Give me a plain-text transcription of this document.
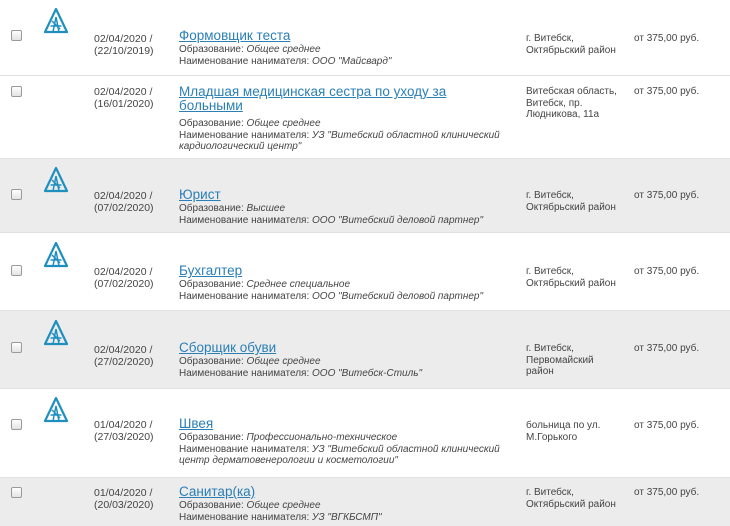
02/04/2020 /
(22/10/2019)
Формовщик теста
Образование: Общее среднее
Наименование нанимателя: ООО "Майсвард"
г. Витебск, Октябрьский район
от 375,00 руб.
02/04/2020 /
(16/01/2020)
Младшая медицинская сестра по уходу за больными
Образование: Общее среднее
Наименование нанимателя: УЗ "Витебский областной клинический
кардиологический центр"
Витебская область, Витебск, пр. Людникова, 11а
от 375,00 руб.
02/04/2020 /
(07/02/2020)
Юрист
Образование: Высшее
Наименование нанимателя: ООО "Витебский деловой партнер"
г. Витебск, Октябрьский район
от 375,00 руб.
02/04/2020 /
(07/02/2020)
Бухгалтер
Образование: Среднее специальное
Наименование нанимателя: ООО "Витебский деловой партнер"
г. Витебск, Октябрьский район
от 375,00 руб.
02/04/2020 /
(27/02/2020)
Сборщик обуви
Образование: Общее среднее
Наименование нанимателя: ООО "Витебск-Стиль"
г. Витебск, Первомайский район
от 375,00 руб.
01/04/2020 /
(27/03/2020)
Швея
Образование: Профессионально-техническое
Наименование нанимателя: УЗ "Витебский областной клинический
центр дерматовенерологии и косметологии"
больница по ул. М.Горького
от 375,00 руб.
01/04/2020 /
(20/03/2020)
Санитар(ка)
Образование: Общее среднее
Наименование нанимателя: УЗ "ВГКБСМП"
г. Витебск, Октябрьский район
от 375,00 руб.
